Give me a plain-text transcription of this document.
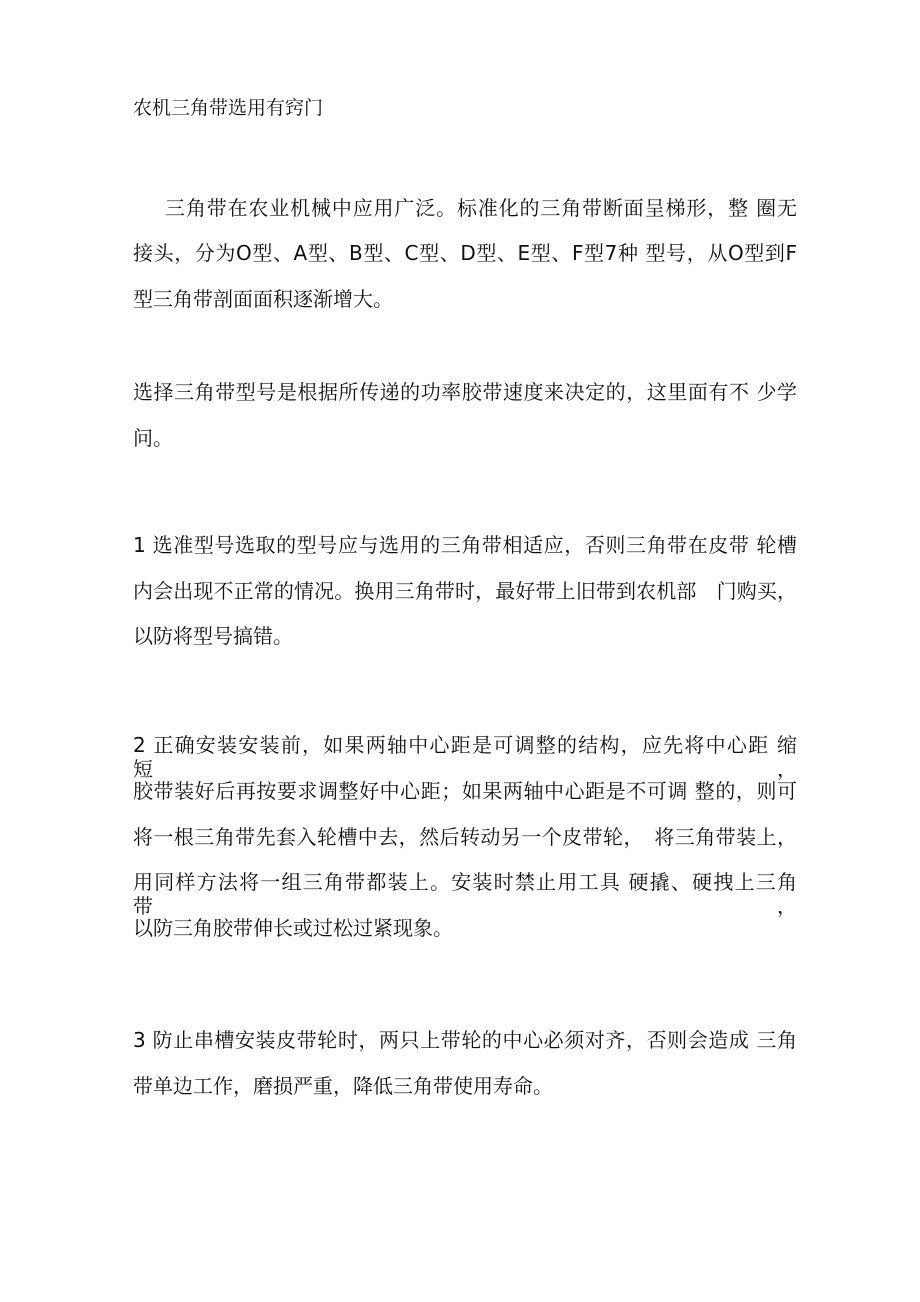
农机三角带选用有窍门
三角带在农业机械中应用广泛。标准化的三角带断面呈梯形，整 圈无
接头，分为O型、A型、B型、C型、D型、E型、F型7种 型号，从O型到F
型三角带剖面面积逐渐增大。
选择三角带型号是根据所传递的功率胶带速度来决定的，这里面有不 少学
问。
1 选准型号选取的型号应与选用的三角带相适应，否则三角带在皮带 轮槽
内会出现不正常的情况。换用三角带时，最好带上旧带到农机部　门购买，
以防将型号搞错。
2 正确安装安装前，如果两轴中心距是可调整的结构，应先将中心距 缩短，
胶带装好后再按要求调整好中心距；如果两轴中心距是不可调 整的，则可
将一根三角带先套入轮槽中去，然后转动另一个皮带轮，　将三角带装上，
用同样方法将一组三角带都装上。安装时禁止用工具 硬撬、硬拽上三角带，
以防三角胶带伸长或过松过紧现象。
3 防止串槽安装皮带轮时，两只上带轮的中心必须对齐，否则会造成 三角
带单边工作，磨损严重，降低三角带使用寿命。
